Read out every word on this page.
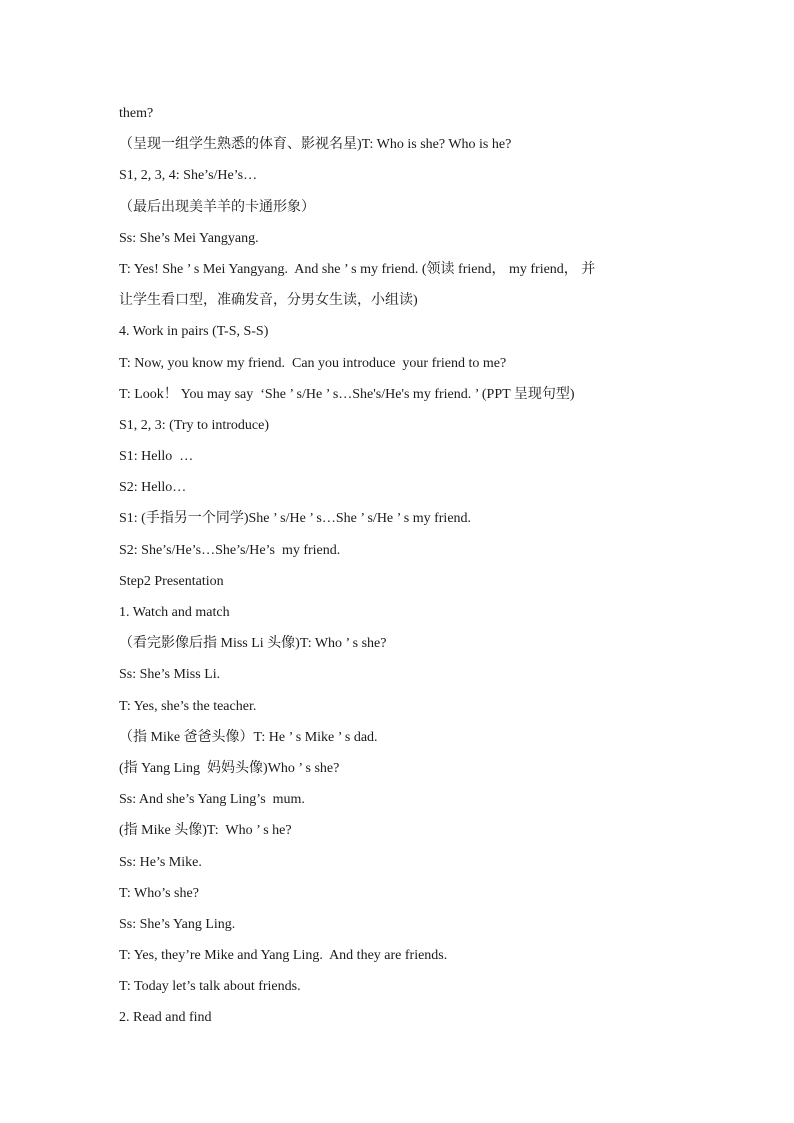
them?
（呈现一组学生熟悉的体育、影视名星)T: Who is she? Who is he?
S1, 2, 3, 4: She’s/He’s…
（最后出现美羊羊的卡通形象）
Ss: She’s Mei Yangyang.
T: Yes! She ’ s Mei Yangyang.  And she ’ s my friend. (领读 friend， my friend， 并
让学生看口型，准确发音，分男女生读，小组读)
4. Work in pairs (T-S, S-S)
T: Now, you know my friend.  Can you introduce  your friend to me?
T: Look！ You may say  ‘She ’ s/He ’ s…She's/He's my friend. ’ (PPT 呈现句型)
S1, 2, 3: (Try to introduce)
S1: Hello  …
S2: Hello…
S1: (手指另一个同学)She ’ s/He ’ s…She ’ s/He ’ s my friend.
S2: She’s/He’s…She’s/He’s  my friend.
Step2 Presentation
1. Watch and match
（看完影像后指 Miss Li 头像)T: Who ’ s she?
Ss: She’s Miss Li.
T: Yes, she’s the teacher.
（指 Mike 爸爸头像）T: He ’ s Mike ’ s dad.
(指 Yang Ling  妈妈头像)Who ’ s she?
Ss: And she’s Yang Ling’s  mum.
(指 Mike 头像)T:  Who ’ s he?
Ss: He’s Mike.
T: Who’s she?
Ss: She’s Yang Ling.
T: Yes, they’re Mike and Yang Ling.  And they are friends.
T: Today let’s talk about friends.
2. Read and find
